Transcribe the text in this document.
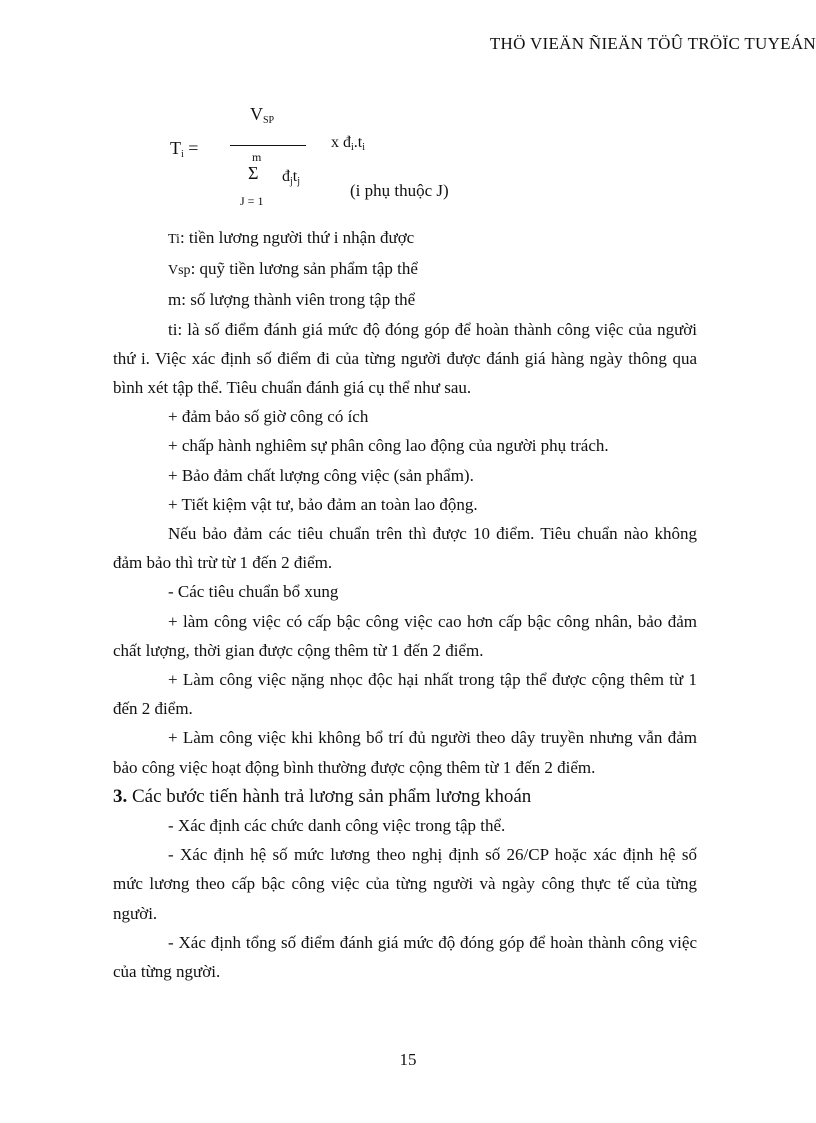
THÖ VIEÄN ÑIEÄN TÖÛ TRÖÏC TUYEÁN
$T_i$ =
$V_{SP}$
x $đ_i.t_i$
m
Σ $đ_jt_j$
J = 1
(i phụ thuộc J)

Ti: tiền lương người thứ i nhận được

Vsp: quỹ tiền lương sản phẩm tập thể

m: số lượng thành viên trong tập thể

ti: là số điểm đánh giá mức độ đóng góp để hoàn thành công việc của người thứ i. Việc xác định số điểm đi của từng người được đánh giá hàng ngày thông qua bình xét tập thể. Tiêu chuẩn đánh giá cụ thể như sau.

+ đảm bảo số giờ công có ích

+ chấp hành nghiêm sự phân công lao động của người phụ trách.

+ Bảo đảm chất lượng công việc (sản phẩm).

+ Tiết kiệm vật tư, bảo đảm an toàn lao động.

Nếu bảo đảm các tiêu chuẩn trên thì được 10 điểm. Tiêu chuẩn nào không đảm bảo thì trừ từ 1 đến 2 điểm.

- Các tiêu chuẩn bổ xung

+ làm công việc có cấp bậc công việc cao hơn cấp bậc công nhân, bảo đảm chất lượng, thời gian được cộng thêm từ 1 đến 2 điểm.

+ Làm công việc nặng nhọc độc hại nhất trong tập thể được cộng thêm từ 1 đến 2 điểm.

+ Làm công việc khi không bổ trí đủ người theo dây truyền nhưng vẫn đảm bảo công việc hoạt động bình thường được cộng thêm từ 1 đến 2 điểm.

3. Các bước tiến hành trả lương sản phẩm lương khoán

- Xác định các chức danh công việc trong tập thể.

- Xác định hệ số mức lương theo nghị định số 26/CP hoặc xác định hệ số mức lương theo cấp bậc công việc của từng người và ngày công thực tế của từng người.

- Xác định tổng số điểm đánh giá mức độ đóng góp để hoàn thành công việc của từng người.

15
